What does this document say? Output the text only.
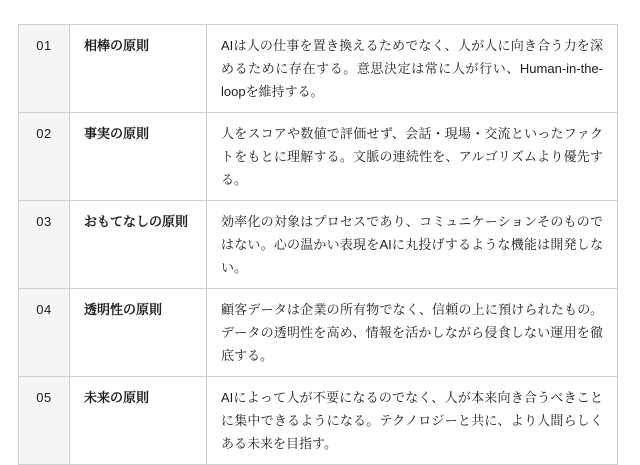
01	相棒の原則	AIは人の仕事を置き換えるためでなく、人が人に向き合う力を深めるために存在する。意思決定は常に人が行い、Human-in-the-loopを維持する。
02	事実の原則	人をスコアや数値で評価せず、会話・現場・交流といったファクトをもとに理解する。文脈の連続性を、アルゴリズムより優先する。
03	おもてなしの原則	効率化の対象はプロセスであり、コミュニケーションそのものではない。心の温かい表現をAIに丸投げするような機能は開発しない。
04	透明性の原則	顧客データは企業の所有物でなく、信頼の上に預けられたもの。データの透明性を高め、情報を活かしながら侵食しない運用を徹底する。
05	未来の原則	AIによって人が不要になるのでなく、人が本来向き合うべきことに集中できるようになる。テクノロジーと共に、より人間らしくある未来を目指す。
